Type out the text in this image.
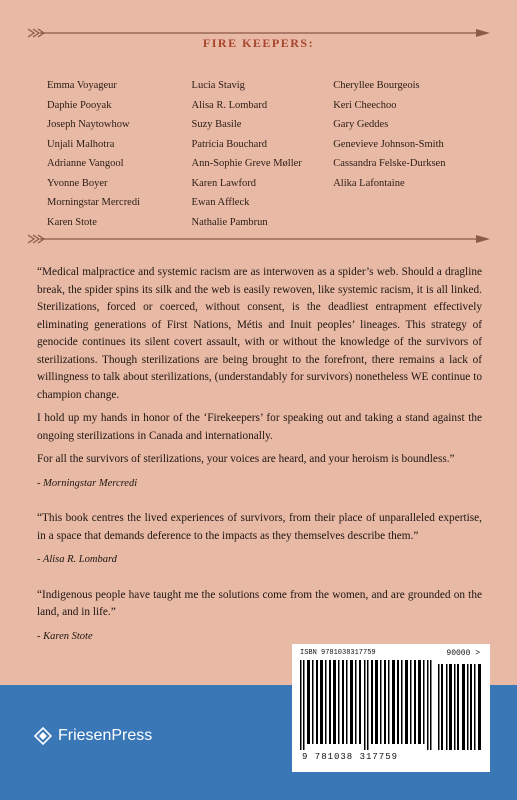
FIRE KEEPERS:
Emma Voyageur
Daphie Pooyak
Joseph Naytowhow
Unjali Malhotra
Adrianne Vangool
Yvonne Boyer
Morningstar Mercredi
Karen Stote
Lucia Stavig
Alisa R. Lombard
Suzy Basile
Patricia Bouchard
Ann-Sophie Greve Møller
Karen Lawford
Ewan Affleck
Nathalie Pambrun
Cheryllee Bourgeois
Keri Cheechoo
Gary Geddes
Genevieve Johnson-Smith
Cassandra Felske-Durksen
Alika Lafontaine

“Medical malpractice and systemic racism are as interwoven as a spider’s web. Should a dragline break, the spider spins its silk and the web is easily rewoven, like systemic racism, it is all linked. Sterilizations, forced or coerced, without consent, is the deadliest entrapment effectively eliminating generations of First Nations, Métis and Inuit peoples’ lineages. This strategy of genocide continues its silent covert assault, with or without the knowledge of the survivors of sterilizations. Though sterilizations are being brought to the forefront, there remains a lack of willingness to talk about sterilizations, (understandably for survivors) nonetheless WE continue to champion change.

I hold up my hands in honor of the ‘Firekeepers’ for speaking out and taking a stand against the ongoing sterilizations in Canada and internationally.

For all the survivors of sterilizations, your voices are heard, and your heroism is boundless.”

- Morningstar Mercredi

“This book centres the lived experiences of survivors, from their place of unparalleled expertise, in a space that demands deference to the impacts as they themselves describe them.”

- Alisa R. Lombard

“Indigenous people have taught me the solutions come from the women, and are grounded on the land, and in life.”

- Karen Stote

FriesenPress
ISBN 9781038317759	90000 >
9 781038 317759
